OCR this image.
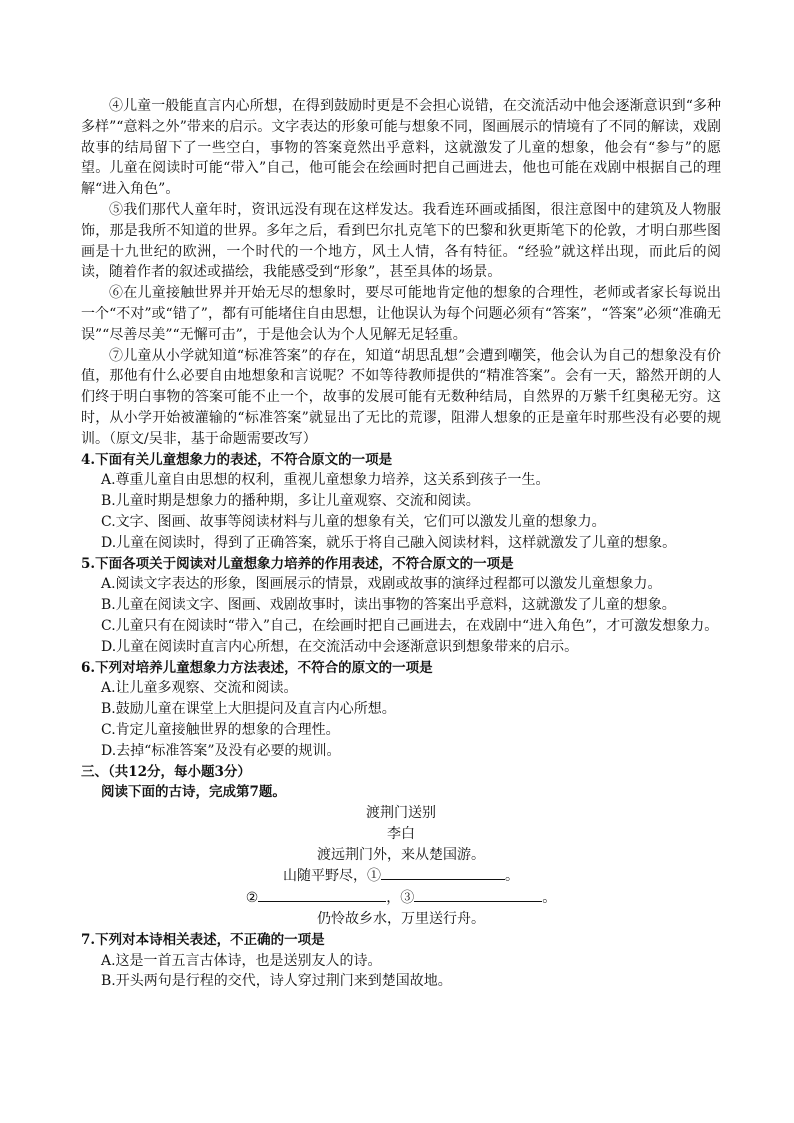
④儿童一般能直言内心所想，在得到鼓励时更是不会担心说错，在交流活动中他会逐渐意识到“多种多样”“意料之外”带来的启示。文字表达的形象可能与想象不同，图画展示的情境有了不同的解读，戏剧故事的结局留下了一些空白，事物的答案竟然出乎意料，这就激发了儿童的想象，他会有“参与”的愿望。儿童在阅读时可能“带入”自己，他可能会在绘画时把自己画进去，他也可能在戏剧中根据自己的理解“进入角色”。

⑤我们那代人童年时，资讯远没有现在这样发达。我看连环画或插图，很注意图中的建筑及人物服饰，那是我所不知道的世界。多年之后，看到巴尔扎克笔下的巴黎和狄更斯笔下的伦敦，才明白那些图画是十九世纪的欧洲，一个时代的一个地方，风土人情，各有特征。“经验”就这样出现，而此后的阅读，随着作者的叙述或描绘，我能感受到“形象”，甚至具体的场景。

⑥在儿童接触世界并开始无尽的想象时，要尽可能地肯定他的想象的合理性，老师或者家长每说出一个“不对”或“错了”，都有可能堵住自由思想，让他误认为每个问题必须有“答案”，“答案”必须“准确无误”“尽善尽美”“无懈可击”，于是他会认为个人见解无足轻重。

⑦儿童从小学就知道“标准答案”的存在，知道“胡思乱想”会遭到嘲笑，他会认为自己的想象没有价值，那他有什么必要自由地想象和言说呢？不如等待教师提供的“精准答案”。会有一天，豁然开朗的人们终于明白事物的答案可能不止一个，故事的发展可能有无数种结局，自然界的万紫千红奥秘无穷。这时，从小学开始被灌输的“标准答案”就显出了无比的荒谬，阻滞人想象的正是童年时那些没有必要的规训。（原文/吴非，基于命题需要改写）

4.下面有关儿童想象力的表述，不符合原文的一项是

A.尊重儿童自由思想的权利，重视儿童想象力培养，这关系到孩子一生。

B.儿童时期是想象力的播种期，多让儿童观察、交流和阅读。

C.文字、图画、故事等阅读材料与儿童的想象有关，它们可以激发儿童的想象力。

D.儿童在阅读时，得到了正确答案，就乐于将自己融入阅读材料，这样就激发了儿童的想象。

5.下面各项关于阅读对儿童想象力培养的作用表述，不符合原文的一项是

A.阅读文字表达的形象，图画展示的情景，戏剧或故事的演绎过程都可以激发儿童想象力。

B.儿童在阅读文字、图画、戏剧故事时，读出事物的答案出乎意料，这就激发了儿童的想象。

C.儿童只有在阅读时“带入”自己，在绘画时把自己画进去，在戏剧中“进入角色”，才可激发想象力。

D.儿童在阅读时直言内心所想，在交流活动中会逐渐意识到想象带来的启示。

6.下列对培养儿童想象力方法表述，不符合的原文的一项是

A.让儿童多观察、交流和阅读。

B.鼓励儿童在课堂上大胆提问及直言内心所想。

C.肯定儿童接触世界的想象的合理性。

D.去掉“标准答案”及没有必要的规训。

三、（共12分，每小题3分）

阅读下面的古诗，完成第7题。

渡荆门送别

李白

渡远荆门外，来从楚国游。

山随平野尽，①	。

②	，③	。

仍怜故乡水，万里送行舟。

7.下列对本诗相关表述，不正确的一项是

A.这是一首五言古体诗，也是送别友人的诗。

B.开头两句是行程的交代，诗人穿过荆门来到楚国故地。
